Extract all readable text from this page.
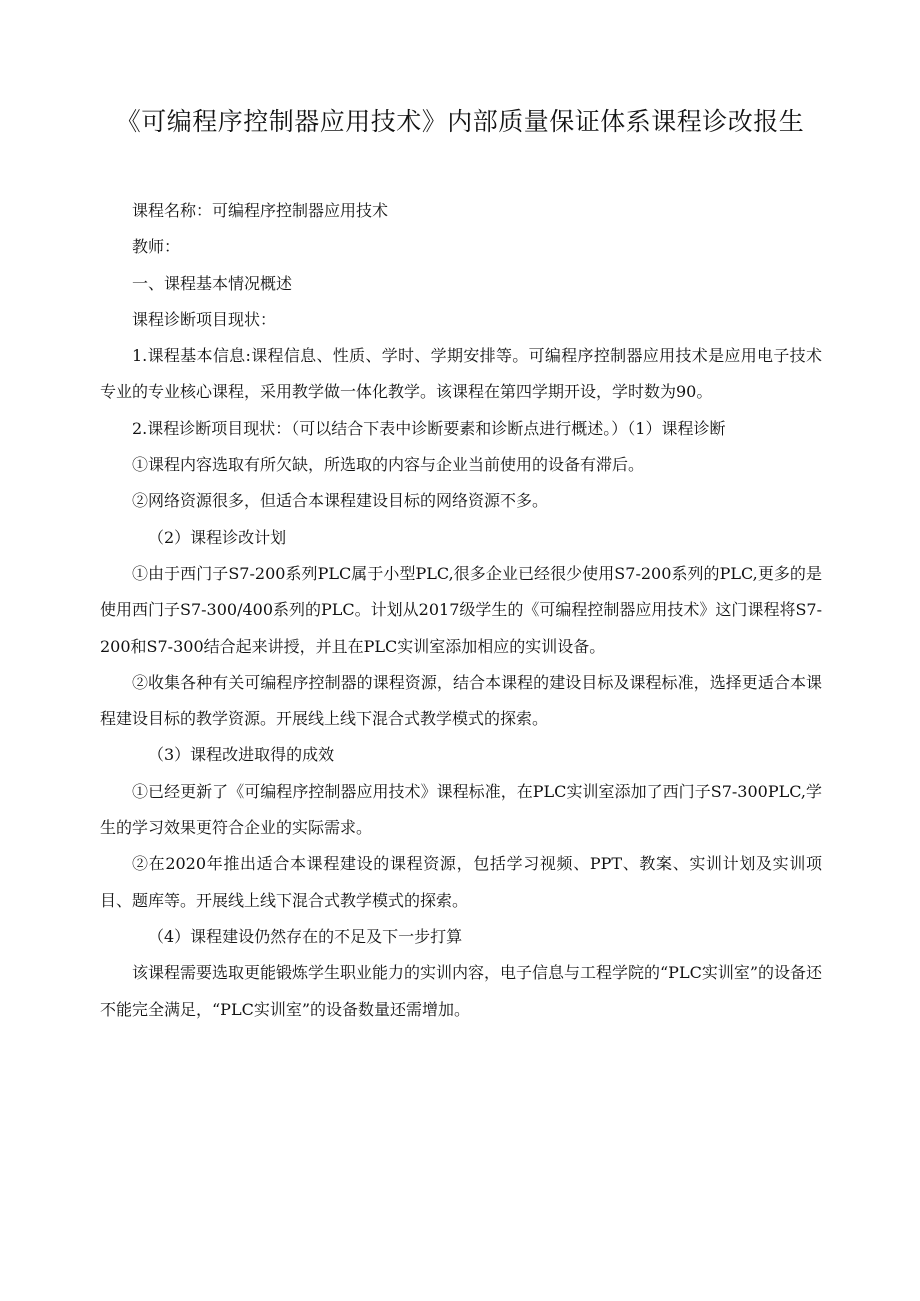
《可编程序控制器应用技术》内部质量保证体系课程诊改报生

课程名称：可编程序控制器应用技术

教师：

一、课程基本情况概述

课程诊断项目现状：

1.课程基本信息:课程信息、性质、学时、学期安排等。可编程序控制器应用技术是应用电子技术专业的专业核心课程，采用教学做一体化教学。该课程在第四学期开设，学时数为90。

2.课程诊断项目现状：（可以结合下表中诊断要素和诊断点进行概述。）（1）课程诊断

①课程内容选取有所欠缺，所选取的内容与企业当前使用的设备有滞后。

②网络资源很多，但适合本课程建设目标的网络资源不多。

（2）课程诊改计划

①由于西门子S7-200系列PLC属于小型PLC,很多企业已经很少使用S7-200系列的PLC,更多的是使用西门子S7-300/400系列的PLC。计划从2017级学生的《可编程控制器应用技术》这门课程将S7-200和S7-300结合起来讲授，并且在PLC实训室添加相应的实训设备。

②收集各种有关可编程序控制器的课程资源，结合本课程的建设目标及课程标准，选择更适合本课程建设目标的教学资源。开展线上线下混合式教学模式的探索。

（3）课程改进取得的成效

①已经更新了《可编程序控制器应用技术》课程标准，在PLC实训室添加了西门子S7-300PLC,学生的学习效果更符合企业的实际需求。

②在2020年推出适合本课程建设的课程资源，包括学习视频、PPT、教案、实训计划及实训项目、题库等。开展线上线下混合式教学模式的探索。

（4）课程建设仍然存在的不足及下一步打算

该课程需要选取更能锻炼学生职业能力的实训内容，电子信息与工程学院的“PLC实训室”的设备还不能完全满足，“PLC实训室”的设备数量还需增加。
